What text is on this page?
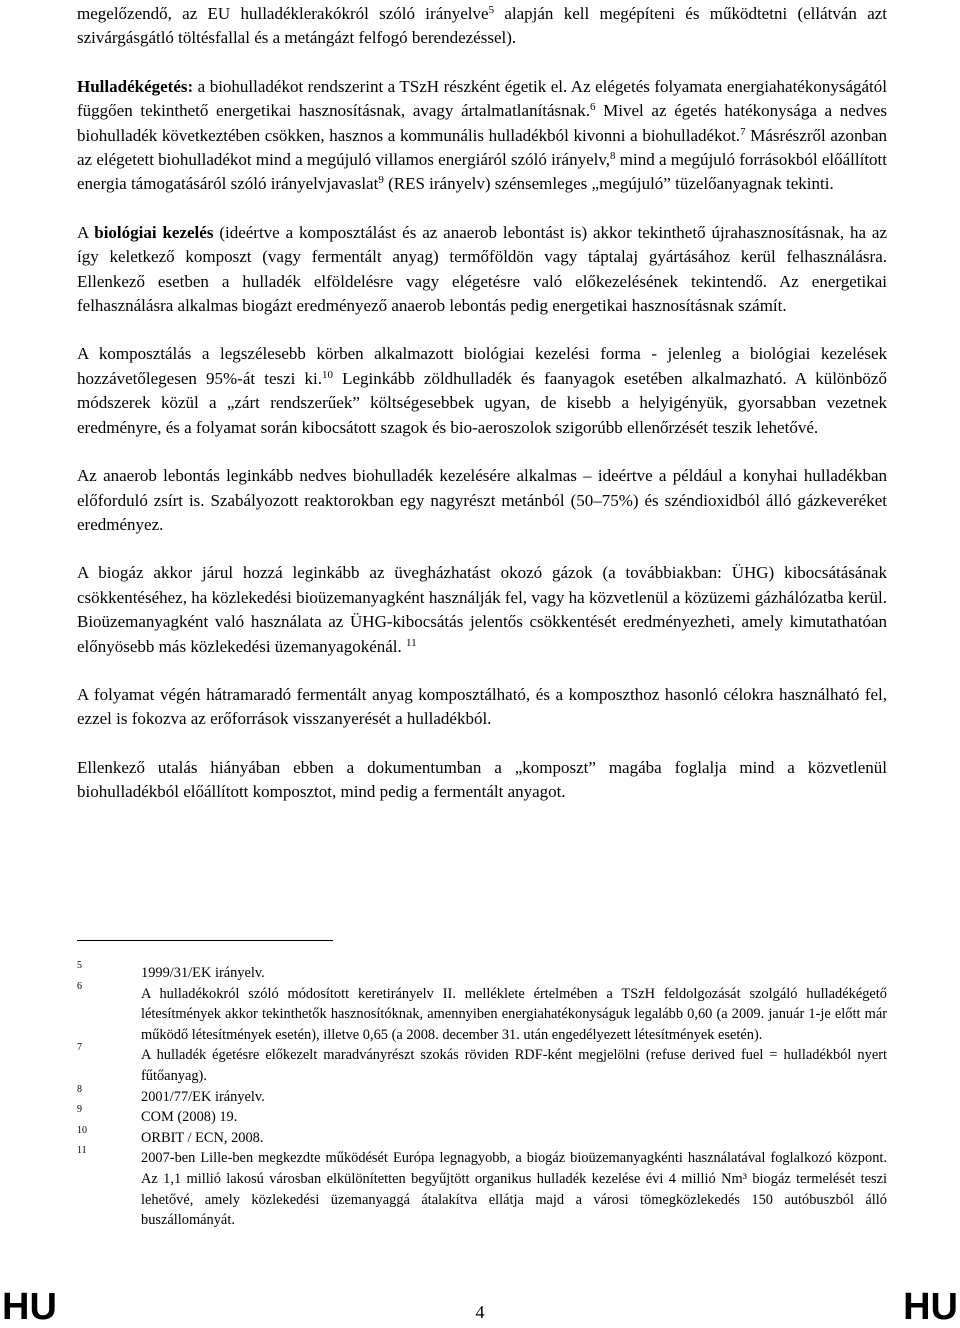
megelőzendő, az EU hulladéklerakókról szóló irányelve$^5$ alapján kell megépíteni és működtetni (ellátván azt szivárgásgátló töltésfallal és a metángázt felfogó berendezéssel).

Hulladékégetés: a biohulladékot rendszerint a TSzH részként égetik el. Az elégetés folyamata energiahatékonyságától függően tekinthető energetikai hasznosításnak, avagy ártalmatlanításnak.$^6$ Mivel az égetés hatékonysága a nedves biohulladék következtében csökken, hasznos a kommunális hulladékból kivonni a biohulladékot.$^7$ Másrészről azonban az elégetett biohulladékot mind a megújuló villamos energiáról szóló irányelv,$^8$ mind a megújuló forrásokból előállított energia támogatásáról szóló irányelvjavaslat$^9$ (RES irányelv) szénsemleges „megújuló” tüzelőanyagnak tekinti.

A biológiai kezelés (ideértve a komposztálást és az anaerob lebontást is) akkor tekinthető újrahasznosításnak, ha az így keletkező komposzt (vagy fermentált anyag) termőföldön vagy táptalaj gyártásához kerül felhasználásra. Ellenkező esetben a hulladék elföldelésre vagy elégetésre való előkezelésének tekintendő. Az energetikai felhasználásra alkalmas biogázt eredményező anaerob lebontás pedig energetikai hasznosításnak számít.

A komposztálás a legszélesebb körben alkalmazott biológiai kezelési forma - jelenleg a biológiai kezelések hozzávetőlegesen 95%-át teszi ki.$^{10}$ Leginkább zöldhulladék és faanyagok esetében alkalmazható. A különböző módszerek közül a „zárt rendszerűek” költségesebbek ugyan, de kisebb a helyigényük, gyorsabban vezetnek eredményre, és a folyamat során kibocsátott szagok és bio-aeroszolok szigorúbb ellenőrzését teszik lehetővé.

Az anaerob lebontás leginkább nedves biohulladék kezelésére alkalmas – ideértve a például a konyhai hulladékban előforduló zsírt is. Szabályozott reaktorokban egy nagyrészt metánból (50–75%) és széndioxidból álló gázkeveréket eredményez.

A biogáz akkor járul hozzá leginkább az üvegházhatást okozó gázok (a továbbiakban: ÜHG) kibocsátásának csökkentéséhez, ha közlekedési bioüzemanyagként használják fel, vagy ha közvetlenül a közüzemi gázhálózatba kerül. Bioüzemanyagként való használata az ÜHG-kibocsátás jelentős csökkentését eredményezheti, amely kimutathatóan előnyösebb más közlekedési üzemanyagokénál. $^{11}$

A folyamat végén hátramaradó fermentált anyag komposztálható, és a komposzthoz hasonló célokra használható fel, ezzel is fokozva az erőforrások visszanyerését a hulladékból.

Ellenkező utalás hiányában ebben a dokumentumban a „komposzt” magába foglalja mind a közvetlenül biohulladékból előállított komposztot, mind pedig a fermentált anyagot.

5	1999/31/EK irányelv.
6	A hulladékokról szóló módosított keretirányelv II. melléklete értelmében a TSzH feldolgozását szolgáló hulladékégető létesítmények akkor tekinthetők hasznosítóknak, amennyiben energiahatékonyságuk legalább 0,60 (a 2009. január 1-je előtt már működő létesítmények esetén), illetve 0,65 (a 2008. december 31. után engedélyezett létesítmények esetén).
7	A hulladék égetésre előkezelt maradványrészt szokás röviden RDF-ként megjelölni (refuse derived fuel = hulladékból nyert fűtőanyag).
8	2001/77/EK irányelv.
9	COM (2008) 19.
10	ORBIT / ECN, 2008.
11	2007-ben Lille-ben megkezdte működését Európa legnagyobb, a biogáz bioüzemanyagkénti használatával foglalkozó központ. Az 1,1 millió lakosú városban elkülönítetten begyűjtött organikus hulladék kezelése évi 4 millió Nm³ biogáz termelését teszi lehetővé, amely közlekedési üzemanyaggá átalakítva ellátja majd a városi tömegközlekedés 150 autóbuszból álló buszállományát.
HU	4	HU
